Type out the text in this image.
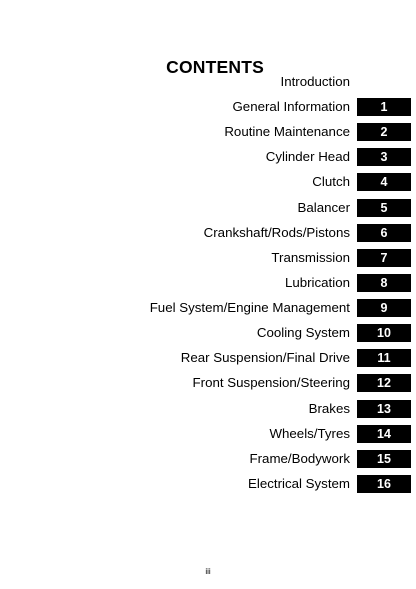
CONTENTS
Introduction
General Information	1
Routine Maintenance	2
Cylinder Head	3
Clutch	4
Balancer	5
Crankshaft/Rods/Pistons	6
Transmission	7
Lubrication	8
Fuel System/Engine Management	9
Cooling System	10
Rear Suspension/Final Drive	11
Front Suspension/Steering	12
Brakes	13
Wheels/Tyres	14
Frame/Bodywork	15
Electrical System	16
iii
